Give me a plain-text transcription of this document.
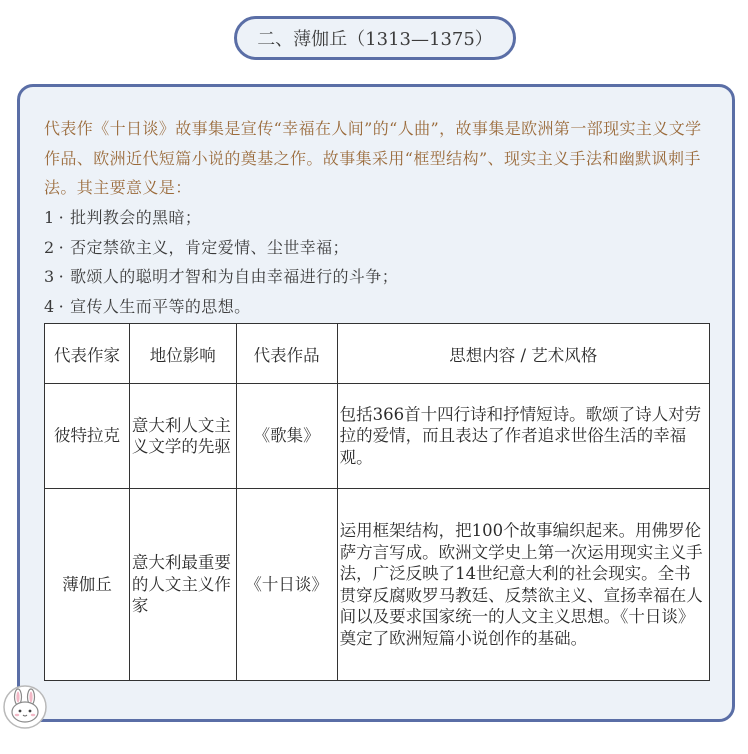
二、薄伽丘（1313—1375）

代表作《十日谈》故事集是宣传“幸福在人间”的“人曲”，故事集是欧洲第一部现实主义文学作品、欧洲近代短篇小说的奠基之作。故事集采用“框型结构”、现实主义手法和幽默讽刺手法。其主要意义是：

1 · 批判教会的黑暗；
2 · 否定禁欲主义，肯定爱情、尘世幸福；
3 · 歌颂人的聪明才智和为自由幸福进行的斗争；
4 · 宣传人生而平等的思想。
代表作家	地位影响	代表作品	思想内容 / 艺术风格
彼特拉克	意大利人文主义文学的先驱	《歌集》	包括366首十四行诗和抒情短诗。歌颂了诗人对劳拉的爱情，而且表达了作者追求世俗生活的幸福观。
薄伽丘	意大利最重要的人文主义作家	《十日谈》	运用框架结构，把100个故事编织起来。用佛罗伦萨方言写成。欧洲文学史上第一次运用现实主义手法，广泛反映了14世纪意大利的社会现实。全书贯穿反腐败罗马教廷、反禁欲主义、宣扬幸福在人间以及要求国家统一的人文主义思想。《十日谈》奠定了欧洲短篇小说创作的基础。
